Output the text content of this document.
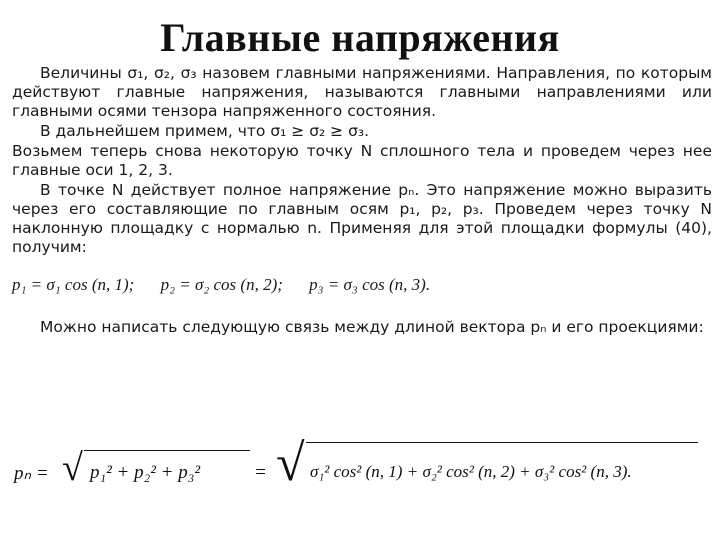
Главные напряжения

Величины σ₁, σ₂, σ₃ назовем главными напряжениями. Направления, по которым действуют главные напряжения, называются главными направлениями или главными осями тензора напряженного состояния.

В дальнейшем примем, что σ₁ ≥ σ₂ ≥ σ₃.

Возьмем теперь снова некоторую точку N сплошного тела и проведем через нее главные оси 1, 2, 3.

В точке N действует полное напряжение pₙ. Это напряжение можно выразить через его составляющие по главным осям p₁, p₂, p₃. Проведем через точку N наклонную площадку с нормалью n. Применяя для этой площадки формулы (40), получим:

p₁ = σ₁ cos (n, 1); p₂ = σ₂ cos (n, 2); p₃ = σ₃ cos (n, 3).

Можно написать следующую связь между длиной вектора pₙ и его проекциями:

pₙ = √ p₁² + p₂² + p₃²	= √ σ₁² cos² (n, 1) + σ₂² cos² (n, 2) + σ₃² cos² (n, 3).
